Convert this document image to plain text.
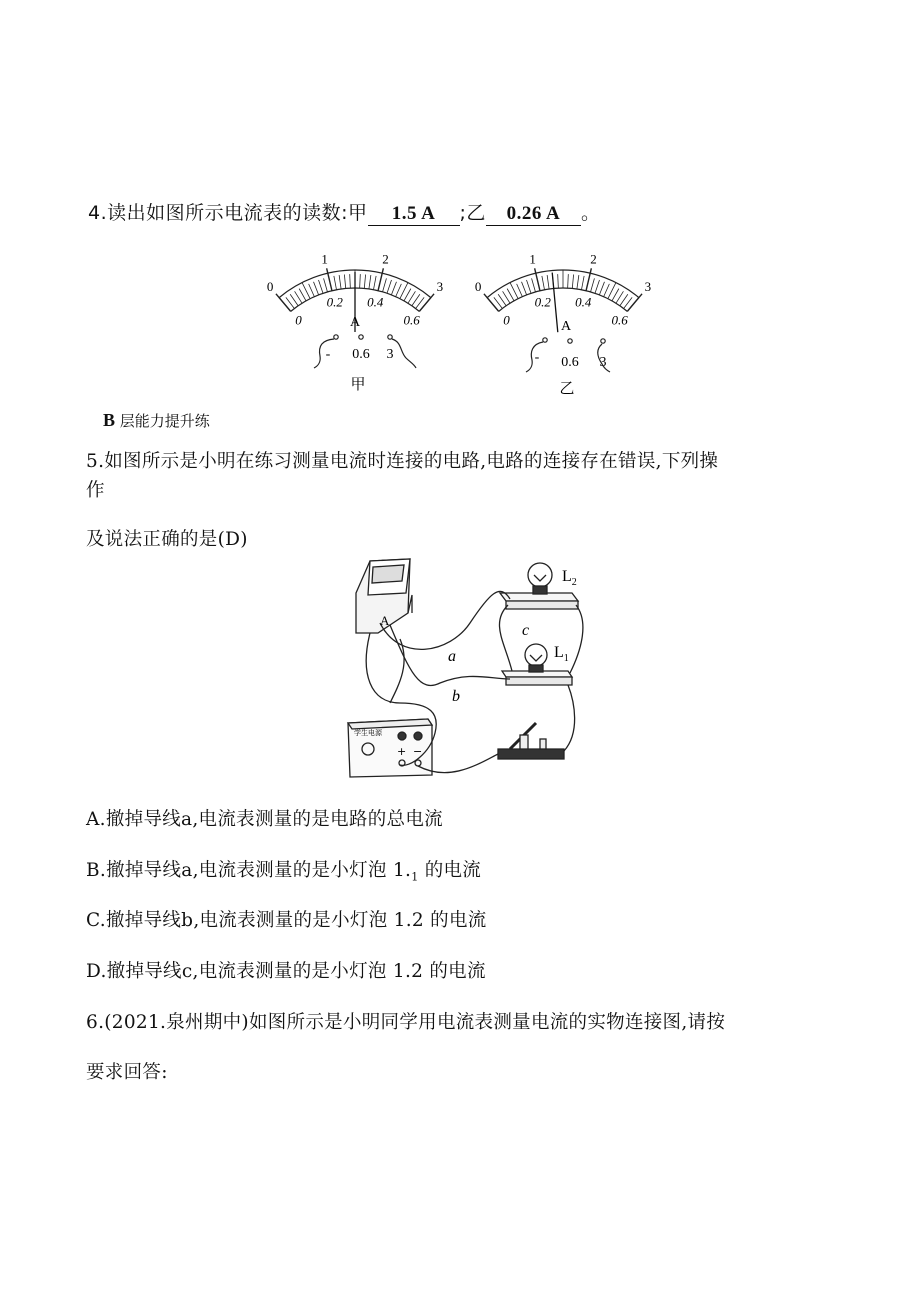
4.读出如图所示电流表的读数:甲 1.5 A ;乙 0.26 A 。
0
1	2
3
0
0.2 0.4
0.6
0
1	2
3
0
0.2 0.4
0.6
A
- 0.6 3
甲
A
- 0.6 3
乙
B 层能力提升练
5.如图所示是小明在练习测量电流时连接的电路,电路的连接存在错误,下列操
作
及说法正确的是(D)
A
$L_2$
$L_1$
a
b
c
学生电源
+ −
A.撤掉导线a,电流表测量的是电路的总电流
B.撤掉导线a,电流表测量的是小灯泡 $1._1$ 的电流
C.撤掉导线b,电流表测量的是小灯泡 1.2 的电流
D.撤掉导线c,电流表测量的是小灯泡 1.2 的电流
6.(2021.泉州期中)如图所示是小明同学用电流表测量电流的实物连接图,请按
要求回答:
